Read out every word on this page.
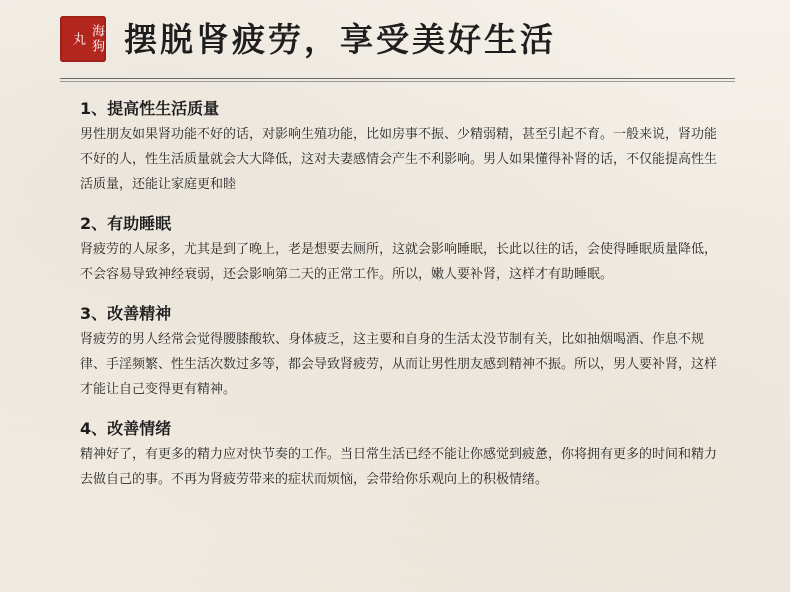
海狗丸	摆脱肾疲劳，享受美好生活

1、提高性生活质量

男性朋友如果肾功能不好的话，对影响生殖功能，比如房事不振、少精弱精，甚至引起不育。一般来说，肾功能不好的人，性生活质量就会大大降低，这对夫妻感情会产生不利影响。男人如果懂得补肾的话，不仅能提高性生活质量，还能让家庭更和睦

2、有助睡眠

肾疲劳的人尿多，尤其是到了晚上，老是想要去厕所，这就会影响睡眠，长此以往的话，会使得睡眠质量降低，不会容易导致神经衰弱，还会影响第二天的正常工作。所以，嫩人要补肾，这样才有助睡眠。

3、改善精神

肾疲劳的男人经常会觉得腰膝酸软、身体疲乏，这主要和自身的生活太没节制有关，比如抽烟喝酒、作息不规律、手淫频繁、性生活次数过多等，都会导致肾疲劳，从而让男性朋友感到精神不振。所以，男人要补肾，这样才能让自己变得更有精神。

4、改善情绪

精神好了，有更多的精力应对快节奏的工作。当日常生活已经不能让你感觉到疲惫，你将拥有更多的时间和精力去做自己的事。不再为肾疲劳带来的症状而烦恼，会带给你乐观向上的积极情绪。
